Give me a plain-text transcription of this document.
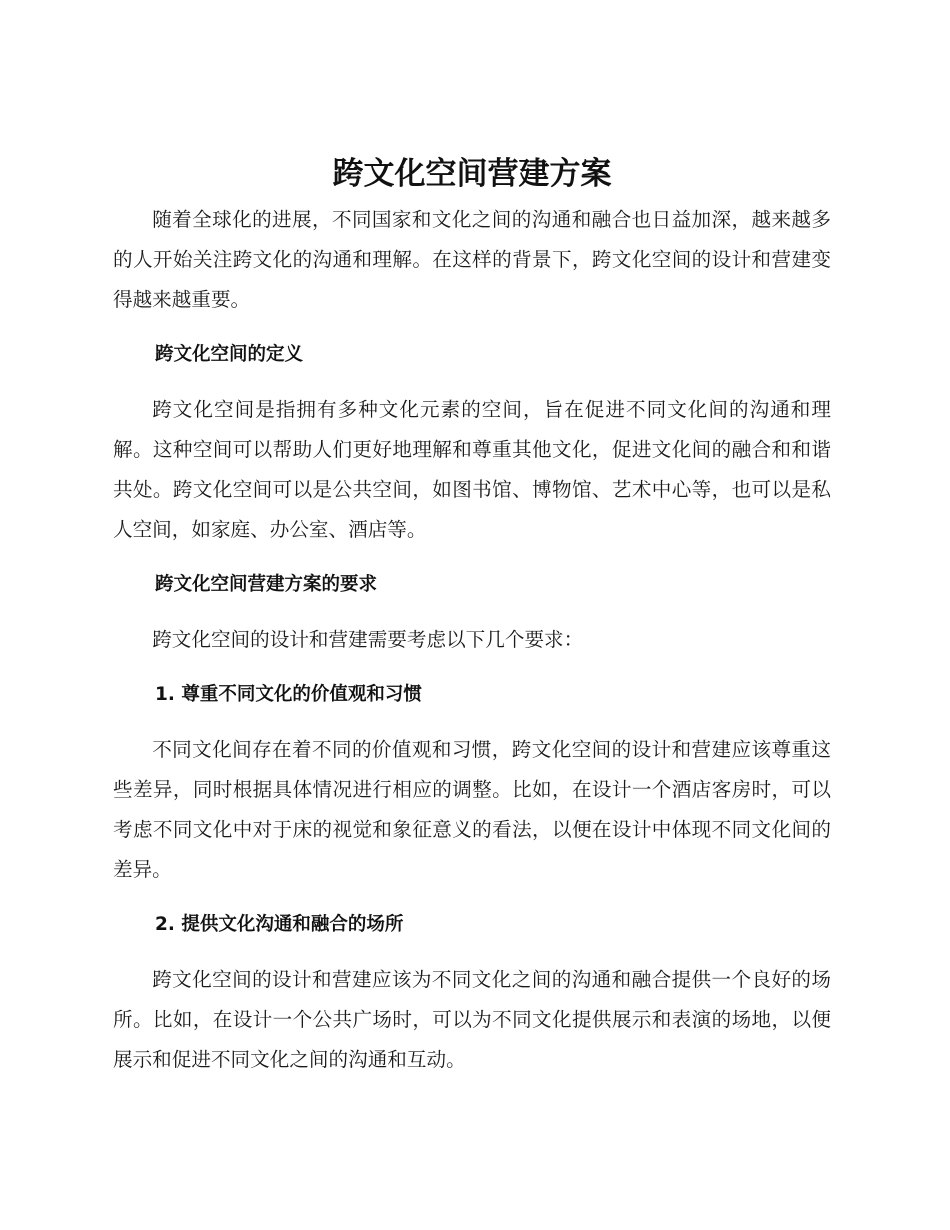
跨文化空间营建方案

随着全球化的进展，不同国家和文化之间的沟通和融合也日益加深，越来越多的人开始关注跨文化的沟通和理解。在这样的背景下，跨文化空间的设计和营建变得越来越重要。

跨文化空间的定义

跨文化空间是指拥有多种文化元素的空间，旨在促进不同文化间的沟通和理解。这种空间可以帮助人们更好地理解和尊重其他文化，促进文化间的融合和和谐共处。跨文化空间可以是公共空间，如图书馆、博物馆、艺术中心等，也可以是私人空间，如家庭、办公室、酒店等。

跨文化空间营建方案的要求

跨文化空间的设计和营建需要考虑以下几个要求：

1. 尊重不同文化的价值观和习惯

不同文化间存在着不同的价值观和习惯，跨文化空间的设计和营建应该尊重这些差异，同时根据具体情况进行相应的调整。比如，在设计一个酒店客房时，可以考虑不同文化中对于床的视觉和象征意义的看法，以便在设计中体现不同文化间的差异。

2. 提供文化沟通和融合的场所

跨文化空间的设计和营建应该为不同文化之间的沟通和融合提供一个良好的场所。比如，在设计一个公共广场时，可以为不同文化提供展示和表演的场地，以便展示和促进不同文化之间的沟通和互动。
